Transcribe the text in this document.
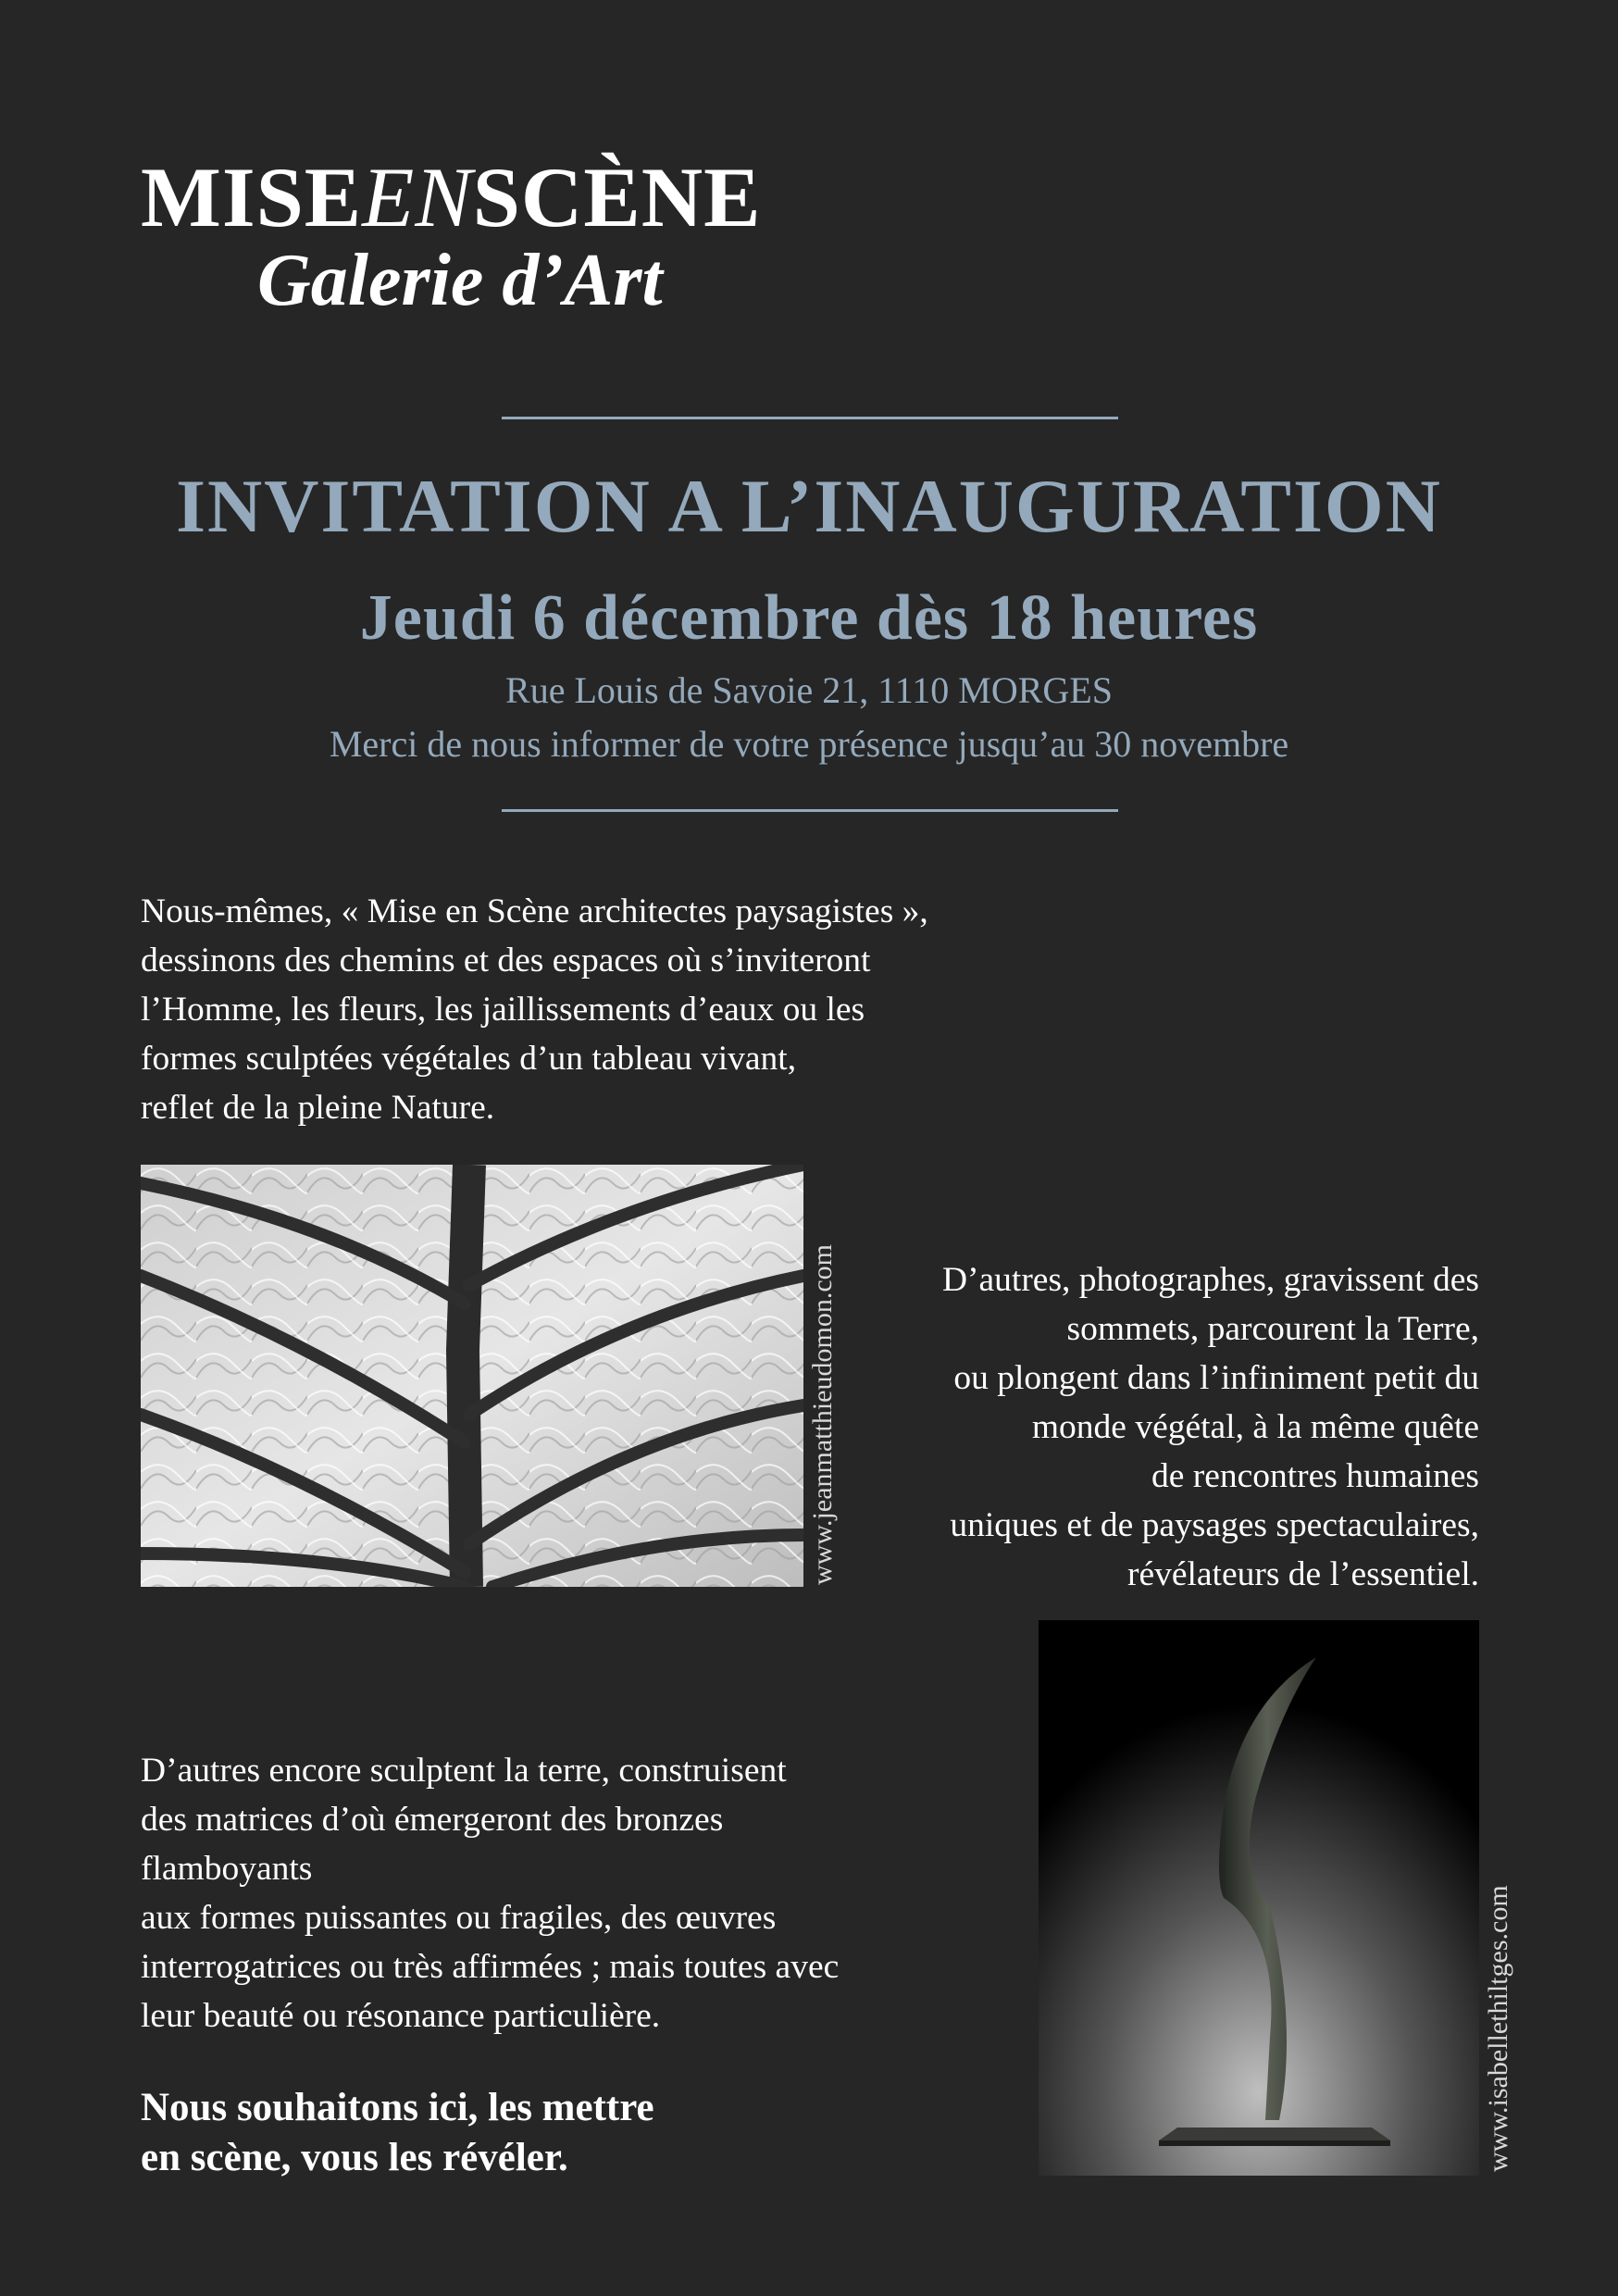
MISEENSCÈNE
Galerie d’Art
INVITATION A L’INAUGURATION
Jeudi 6 décembre dès 18 heures
Rue Louis de Savoie 21, 1110 MORGES
Merci de nous informer de votre présence jusqu’au 30 novembre
Nous-mêmes, « Mise en Scène architectes paysagistes »,
dessinons des chemins et des espaces où s’inviteront
l’Homme, les fleurs, les jaillissements d’eaux ou les
formes sculptées végétales d’un tableau vivant,
reflet de la pleine Nature.
www.jeanmatthieudomon.com	D’autres, photographes, gravissent des
sommets, parcourent la Terre,
ou plongent dans l’infiniment petit du
monde végétal, à la même quête
de rencontres humaines
uniques et de paysages spectaculaires,
révélateurs de l’essentiel.
www.isabellethiltges.com
D’autres encore sculptent la terre, construisent
des matrices d’où émergeront des bronzes
flamboyants
aux formes puissantes ou fragiles, des œuvres
interrogatrices ou très affirmées ; mais toutes avec
leur beauté ou résonance particulière.
Nous souhaitons ici, les mettre
en scène, vous les révéler.
